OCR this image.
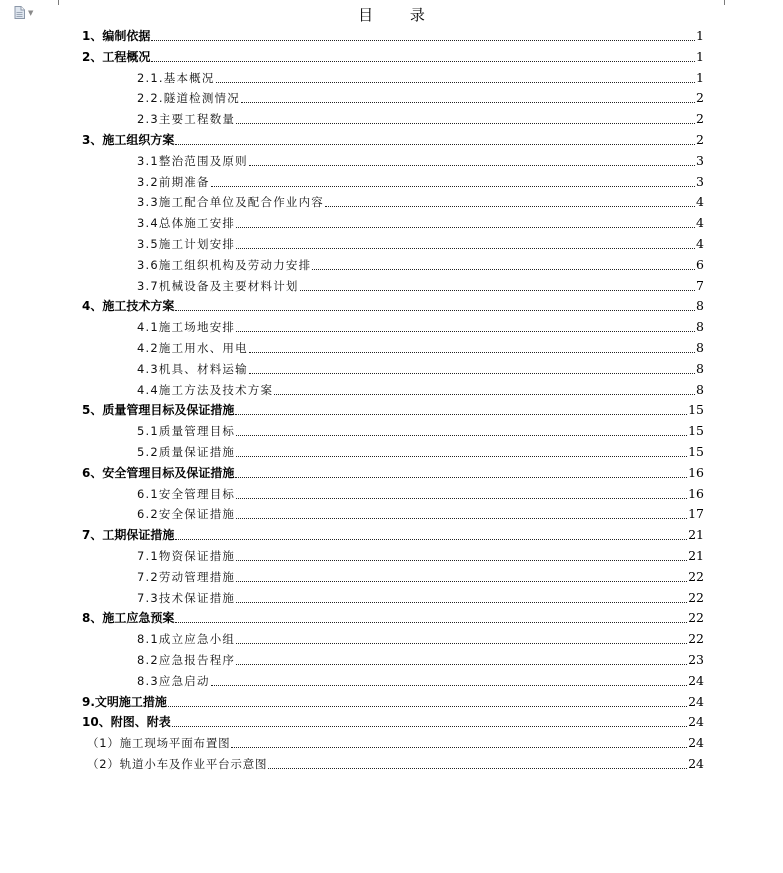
▼	目 录
1、编制依据	1
2、工程概况	1
2.1.基本概况	1
2.2.隧道检测情况	2
2.3主要工程数量	2
3、施工组织方案	2
3.1整治范围及原则	3
3.2前期准备	3
3.3施工配合单位及配合作业内容	4
3.4总体施工安排	4
3.5施工计划安排	4
3.6施工组织机构及劳动力安排	6
3.7机械设备及主要材料计划	7
4、施工技术方案	8
4.1施工场地安排	8
4.2施工用水、用电	8
4.3机具、材料运输	8
4.4施工方法及技术方案	8
5、质量管理目标及保证措施	15
5.1质量管理目标	15
5.2质量保证措施	15
6、安全管理目标及保证措施	16
6.1安全管理目标	16
6.2安全保证措施	17
7、工期保证措施	21
7.1物资保证措施	21
7.2劳动管理措施	22
7.3技术保证措施	22
8、施工应急预案	22
8.1成立应急小组	22
8.2应急报告程序	23
8.3应急启动	24
9.文明施工措施	24
10、附图、附表	24
（1）施工现场平面布置图	24
（2）轨道小车及作业平台示意图	24
